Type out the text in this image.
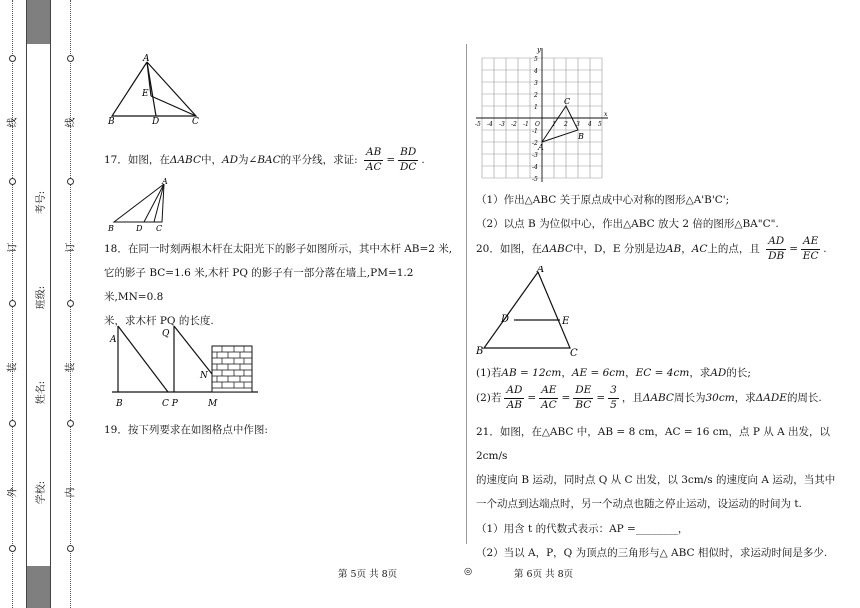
线
订
装
外
线
订
装
内
考号:
班级:
姓名:
学校:
A
E
B	D	C
17．如图，在ΔABC中，AD为∠BAC的平分线，求证: $\frac{AB}{AC} = \frac{BD}{DC}$ .
A
B	D C

18．在同一时刻两根木杆在太阳光下的影子如图所示，其中木杆 AB=2 米,

它的影子 BC=1.6 米,木杆 PQ 的影子有一部分落在墙上,PM=1.2 米,MN=0.8

米，求木杆 PQ 的长度.

A
Q
N
B	C P	M
19．按下列要求在如图格点中作图:
y
-5 -4 -3 -2 -1 O 1 2 3 4 5
x
5
4
3
2
1
-1
-2
-3
-4
-5
A
B
C

（1）作出△ABC 关于原点成中心对称的图形△A'B'C';

（2）以点 B 为位似中心，作出△ABC 放大 2 倍的图形△BA"C".

20．如图，在ΔABC中，D，E 分别是边AB，AC上的点，且 $\frac{AD}{DB} = \frac{AE}{EC}$ .
A
D	E
B	C
(1)若AB = 12cm，AE = 6cm，EC = 4cm，求AD的长;
(2)若 $\frac{AD}{AB} = \frac{AE}{AC} = \frac{DE}{BC} = \frac{3}{5}$ ，且ΔABC周长为30cm，求ΔADE的周长.

21．如图，在△ABC 中，AB = 8 cm，AC = 16 cm，点 P 从 A 出发，以 2cm/s

的速度向 B 运动，同时点 Q 从 C 出发，以 3cm/s 的速度向 A 运动，当其中

一个动点到达端点时，另一个动点也随之停止运动，设运动的时间为 t.

（1）用含 t 的代数式表示：AP =________，

（2）当以 A，P，Q 为顶点的三角形与△ ABC 相似时，求运动时间是多少.

第 5页 共 8页	◎	第 6页 共 8页
